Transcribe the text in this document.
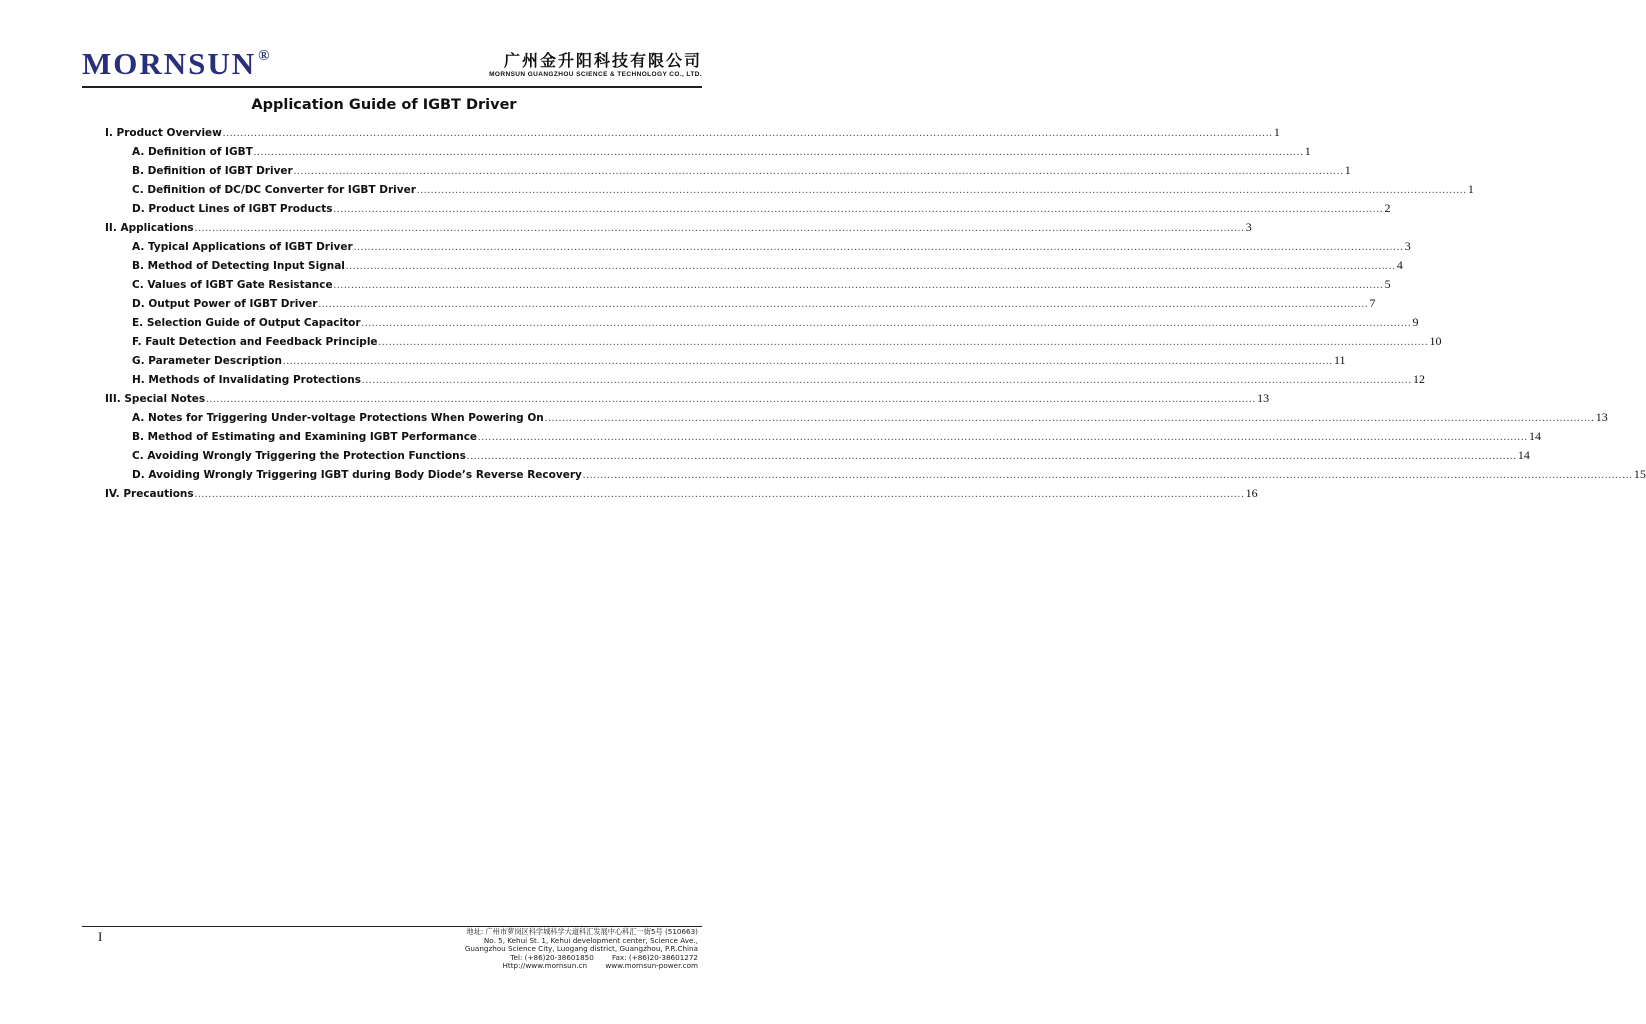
MORNSUN ®	广州金升阳科技有限公司
MORNSUN GUANGZHOU SCIENCE & TECHNOLOGY CO., LTD.
Application Guide of IGBT Driver
I. Product Overview ............................................................................................................................................................................................................................................................................................................ 1
A. Definition of IGBT ............................................................................................................................................................................................................................................................................................................ 1
B. Definition of IGBT Driver ............................................................................................................................................................................................................................................................................................................ 1
C. Definition of DC/DC Converter for IGBT Driver ............................................................................................................................................................................................................................................................................................................ 1
D. Product Lines of IGBT Products ............................................................................................................................................................................................................................................................................................................ 2
II. Applications ............................................................................................................................................................................................................................................................................................................ 3
A. Typical Applications of IGBT Driver ............................................................................................................................................................................................................................................................................................................ 3
B. Method of Detecting Input Signal ............................................................................................................................................................................................................................................................................................................ 4
C. Values of IGBT Gate Resistance ............................................................................................................................................................................................................................................................................................................ 5
D. Output Power of IGBT Driver ............................................................................................................................................................................................................................................................................................................ 7
E. Selection Guide of Output Capacitor ............................................................................................................................................................................................................................................................................................................ 9
F. Fault Detection and Feedback Principle ............................................................................................................................................................................................................................................................................................................ 10
G. Parameter Description ............................................................................................................................................................................................................................................................................................................ 11
H. Methods of Invalidating Protections ............................................................................................................................................................................................................................................................................................................ 12
III. Special Notes ............................................................................................................................................................................................................................................................................................................ 13
A. Notes for Triggering Under-voltage Protections When Powering On ............................................................................................................................................................................................................................................................................................................ 13
B. Method of Estimating and Examining IGBT Performance ............................................................................................................................................................................................................................................................................................................ 14
C. Avoiding Wrongly Triggering the Protection Functions ............................................................................................................................................................................................................................................................................................................ 14
D. Avoiding Wrongly Triggering IGBT during Body Diode’s Reverse Recovery ............................................................................................................................................................................................................................................................................................................ 15
IV. Precautions ............................................................................................................................................................................................................................................................................................................ 16
I	地址: 广州市萝岗区科学城科学大道科汇发展中心科汇一街5号 (510663)
No. 5, Kehui St. 1, Kehui development center, Science Ave.,
Guangzhou Science City, Luogang district, Guangzhou, P.R.China
Tel: (+86)20-38601850        Fax: (+86)20-38601272
Http://www.mornsun.cn        www.mornsun-power.com
